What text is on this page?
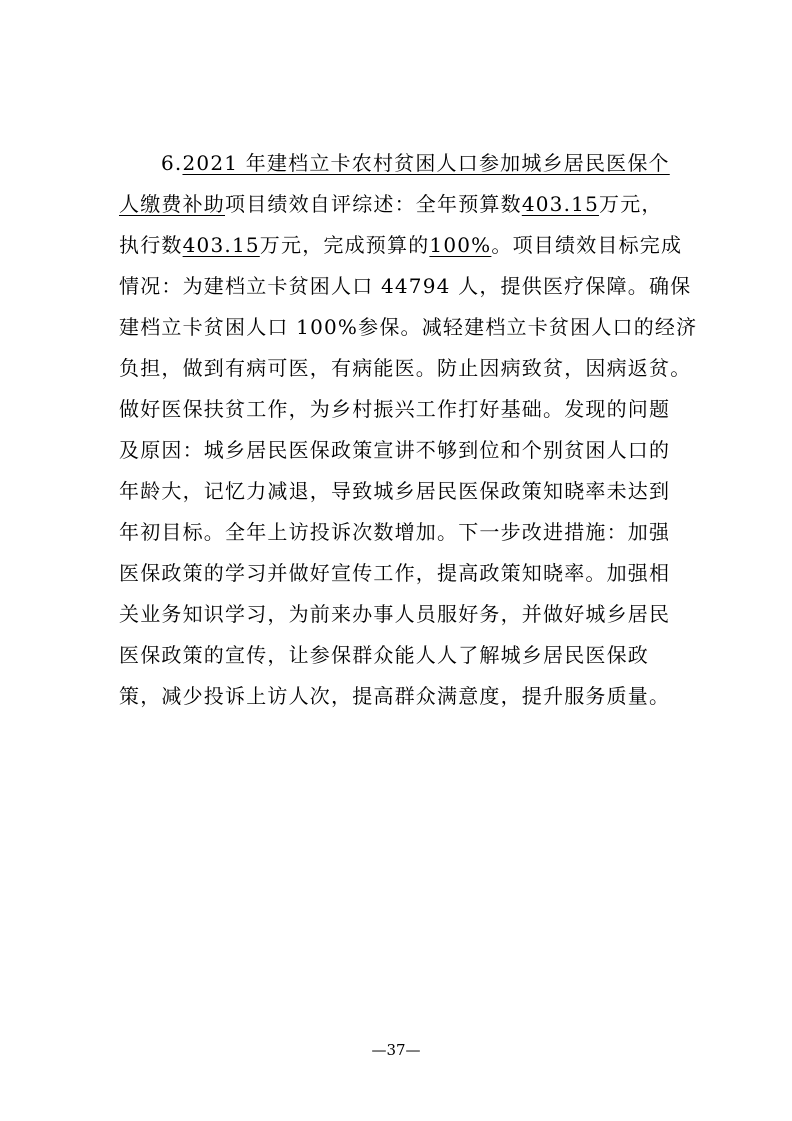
6.2021 年建档立卡农村贫困人口参加城乡居民医保个
人缴费补助项目绩效自评综述：全年预算数403.15万元，
执行数403.15万元，完成预算的100%。项目绩效目标完成
情况：为建档立卡贫困人口 44794 人，提供医疗保障。确保
建档立卡贫困人口 100%参保。减轻建档立卡贫困人口的经济
负担，做到有病可医，有病能医。防止因病致贫，因病返贫。
做好医保扶贫工作，为乡村振兴工作打好基础。发现的问题
及原因：城乡居民医保政策宣讲不够到位和个别贫困人口的
年龄大，记忆力减退，导致城乡居民医保政策知晓率未达到
年初目标。全年上访投诉次数增加。下一步改进措施：加强
医保政策的学习并做好宣传工作，提高政策知晓率。加强相
关业务知识学习，为前来办事人员服好务，并做好城乡居民
医保政策的宣传，让参保群众能人人了解城乡居民医保政
策，减少投诉上访人次，提高群众满意度，提升服务质量。
—37—
